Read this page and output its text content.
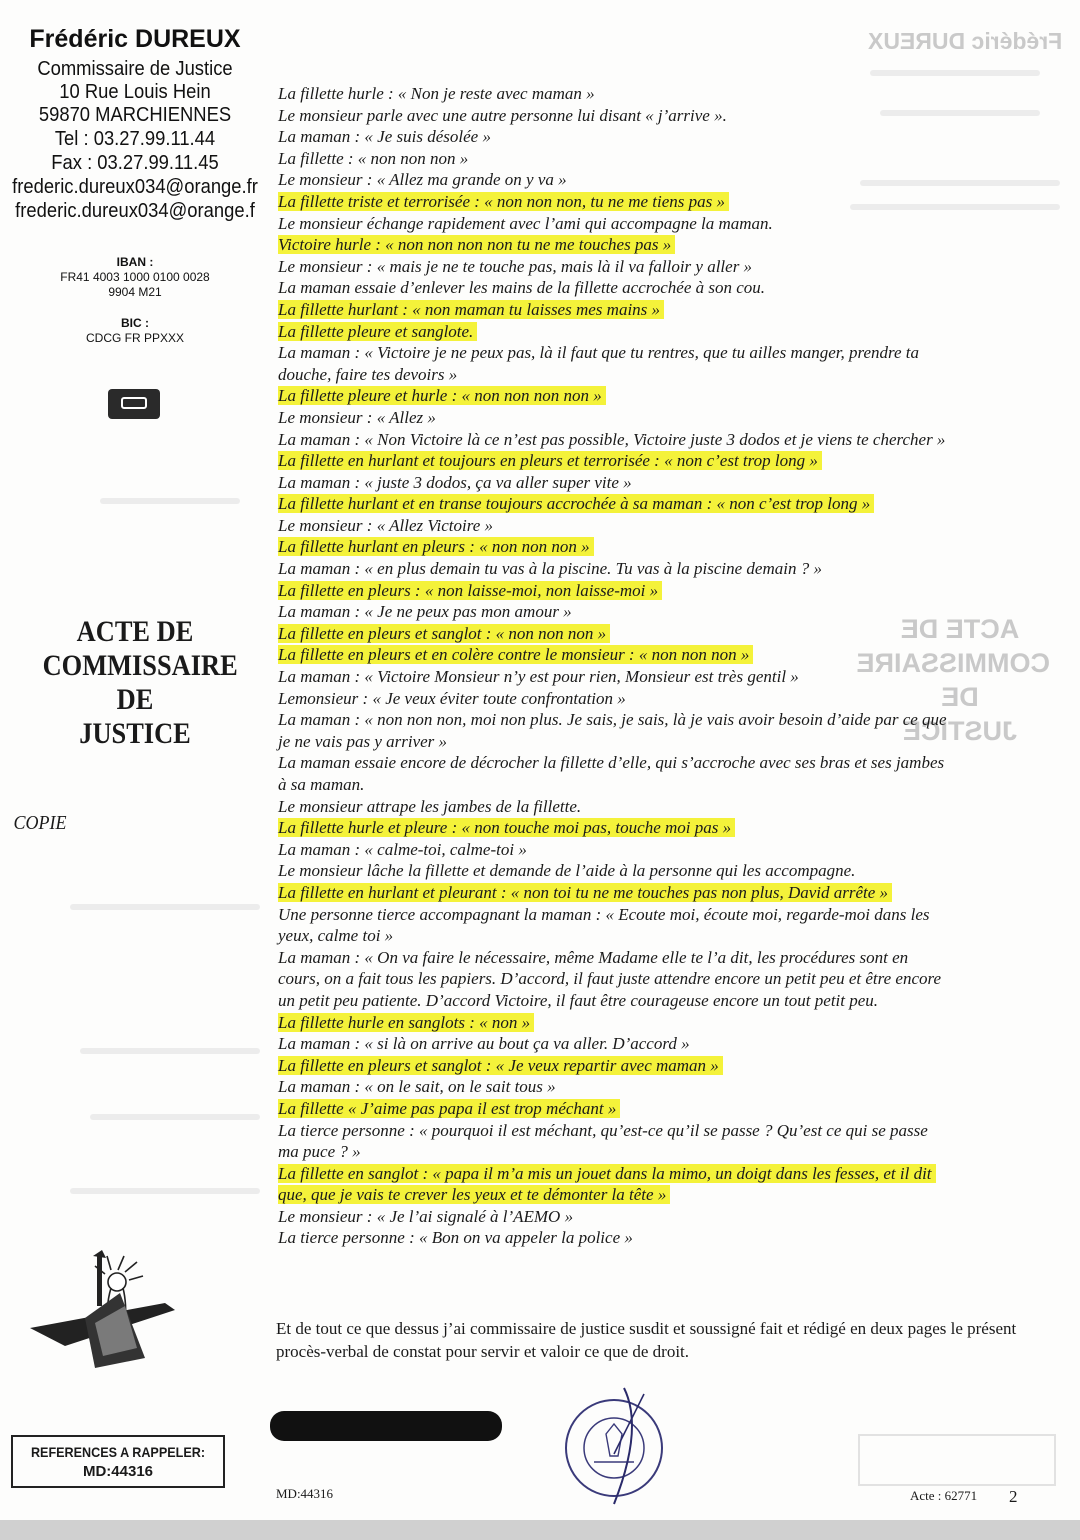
Frédéric DUREUX
ACTE DE
COMMISSAIRE
DE
JUSTICE
Frédéric DUREUX
Commissaire de Justice
10 Rue Louis Hein
59870 MARCHIENNES
Tel : 03.27.99.11.44
Fax : 03.27.99.11.45
frederic.dureux034@orange.fr
frederic.dureux034@orange.f
IBAN :
FR41 4003 1000 0100 0028
9904 M21
BIC :
CDCG FR PPXXX
ACTE DE
COMMISSAIRE
DE
JUSTICE
COPIE
La fillette hurle : « Non je reste avec maman »
Le monsieur parle avec une autre personne lui disant « j’arrive ».
La maman : « Je suis désolée »
La fillette : « non non non »
Le monsieur : « Allez ma grande on y va »
La fillette triste et terrorisée : « non non non, tu ne me tiens pas »
Le monsieur échange rapidement avec l’ami qui accompagne la maman.
Victoire hurle : « non non non non tu ne me touches pas »
Le monsieur : « mais je ne te touche pas, mais là il va falloir y aller »
La maman essaie d’enlever les mains de la fillette accrochée à son cou.
La fillette hurlant : « non maman tu laisses mes mains »
La fillette pleure et sanglote.
La maman : « Victoire je ne peux pas, là il faut que tu rentres, que tu ailles manger, prendre ta
douche, faire tes devoirs »
La fillette pleure et hurle : « non non non non »
Le monsieur : « Allez »
La maman : « Non Victoire là ce n’est pas possible, Victoire juste 3 dodos et je viens te chercher »
La fillette en hurlant et toujours en pleurs et terrorisée : « non c’est trop long »
La maman : « juste 3 dodos, ça va aller super vite »
La fillette hurlant et en transe toujours accrochée à sa maman : « non c’est trop long »
Le monsieur : « Allez Victoire »
La fillette hurlant en pleurs : « non non non »
La maman : « en plus demain tu vas à la piscine. Tu vas à la piscine demain ? »
La fillette en pleurs : « non laisse-moi, non laisse-moi »
La maman : « Je ne peux pas mon amour »
La fillette en pleurs et sanglot : « non non non »
La fillette en pleurs et en colère contre le monsieur : « non non non »
La maman : « Victoire Monsieur n’y est pour rien, Monsieur est très gentil »
Lemonsieur : « Je veux éviter toute confrontation »
La maman : « non non non, moi non plus. Je sais, je sais, là je vais avoir besoin d’aide par ce que
je ne vais pas y arriver »
La maman essaie encore de décrocher la fillette d’elle, qui s’accroche avec ses bras et ses jambes
à sa maman.
Le monsieur attrape les jambes de la fillette.
La fillette hurle et pleure : « non touche moi pas, touche moi pas »
La maman : « calme-toi, calme-toi »
Le monsieur lâche la fillette et demande de l’aide à la personne qui les accompagne.
La fillette en hurlant et pleurant : « non toi tu ne me touches pas non plus, David arrête »
Une personne tierce accompagnant la maman : « Ecoute moi, écoute moi, regarde-moi dans les
yeux, calme toi »
La maman : « On va faire le nécessaire, même Madame elle te l’a dit, les procédures sont en
cours, on a fait tous les papiers. D’accord, il faut juste attendre encore un petit peu et être encore
un petit peu patiente. D’accord Victoire, il faut être courageuse encore un tout petit peu.
La fillette hurle en sanglots : « non »
La maman : « si là on arrive au bout ça va aller. D’accord »
La fillette en pleurs et sanglot : « Je veux repartir avec maman »
La maman : « on le sait, on le sait tous »
La fillette « J’aime pas papa il est trop méchant »
La tierce personne : « pourquoi il est méchant, qu’est-ce qu’il se passe ? Qu’est ce qui se passe
ma puce ? »
La fillette en sanglot : « papa il m’a mis un jouet dans la mimo, un doigt dans les fesses, et il dit
que, que je vais te crever les yeux et te démonter la tête »
Le monsieur : « Je l’ai signalé à l’AEMO »
La tierce personne : « Bon on va appeler la police »
Et de tout ce que dessus j’ai commissaire de justice susdit et soussigné fait et rédigé en deux pages le présent procès-verbal de constat pour servir et valoir ce que de droit.
REFERENCES A RAPPELER:
MD:44316
MD:44316	Acte : 62771 2
